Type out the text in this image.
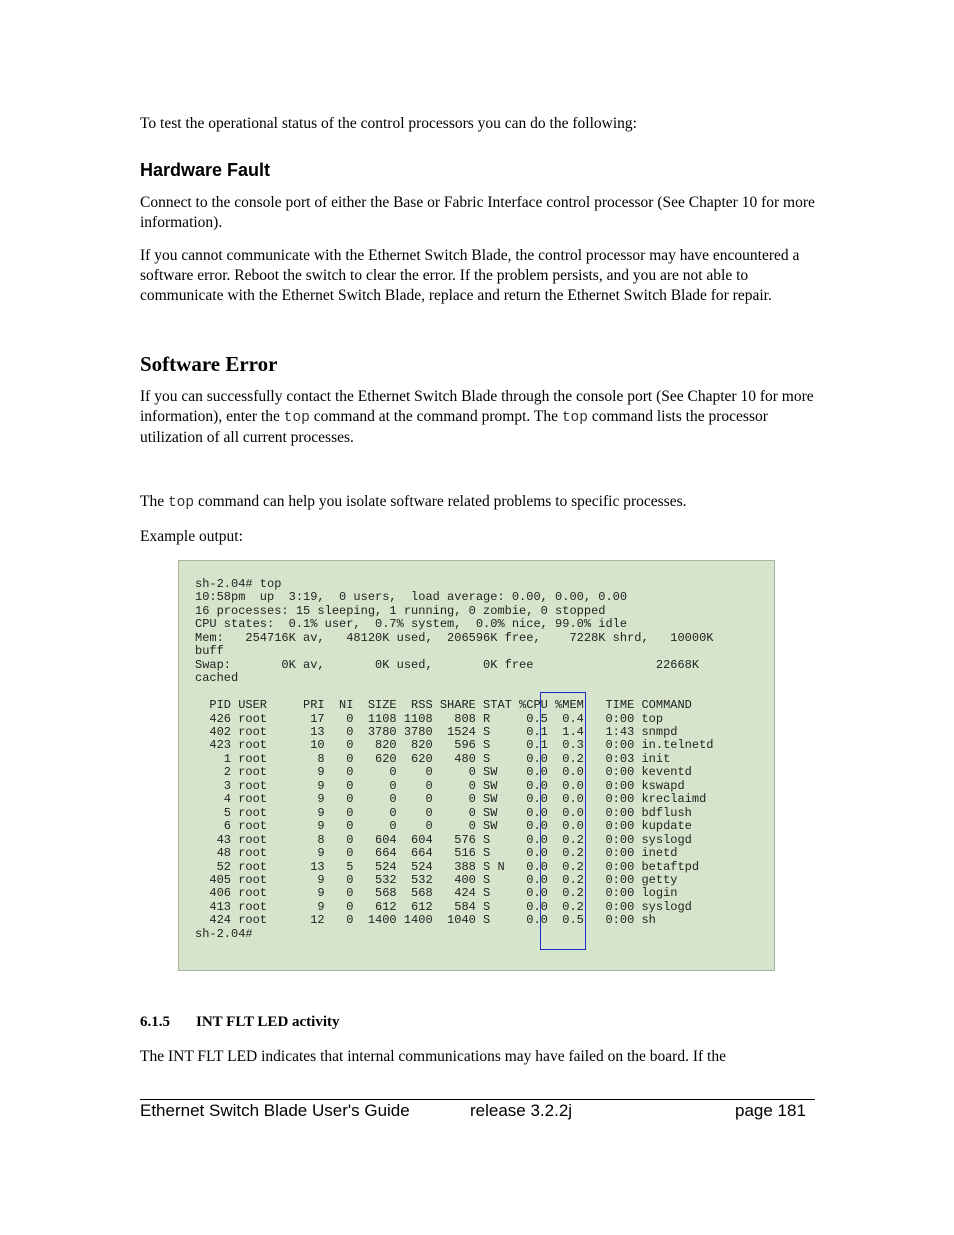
To test the operational status of the control processors you can do the following:

Hardware Fault

Connect to the console port of either the Base or Fabric Interface control processor (See Chapter 10 for more information).

If you cannot communicate with the Ethernet Switch Blade, the control processor may have encountered a software error. Reboot the switch to clear the error. If the problem persists, and you are not able to communicate with the Ethernet Switch Blade, replace and return the Ethernet Switch Blade for repair.

Software Error

If you can successfully contact the Ethernet Switch Blade through the console port (See Chapter 10 for more information), enter the top command at the command prompt. The top command lists the processor utilization of all current processes.

The top command can help you isolate software related problems to specific processes.

Example output:

sh-2.04# top
10:58pm  up  3:19,  0 users,  load average: 0.00, 0.00, 0.00
16 processes: 15 sleeping, 1 running, 0 zombie, 0 stopped
CPU states:  0.1% user,  0.7% system,  0.0% nice, 99.0% idle
Mem:   254716K av,   48120K used,  206596K free,    7228K shrd,   10000K
buff
Swap:       0K av,       0K used,       0K free                 22668K
cached

PID USER     PRI  NI  SIZE  RSS SHARE STAT %CPU %MEM   TIME COMMAND
426 root      17   0  1108 1108   808 R     0.5  0.4   0:00 top
402 root      13   0  3780 3780  1524 S     0.1  1.4   1:43 snmpd
423 root      10   0   820  820   596 S     0.1  0.3   0:00 in.telnetd
1 root       8   0   620  620   480 S     0.0  0.2   0:03 init
2 root       9   0     0    0     0 SW    0.0  0.0   0:00 keventd
3 root       9   0     0    0     0 SW    0.0  0.0   0:00 kswapd
4 root       9   0     0    0     0 SW    0.0  0.0   0:00 kreclaimd
5 root       9   0     0    0     0 SW    0.0  0.0   0:00 bdflush
6 root       9   0     0    0     0 SW    0.0  0.0   0:00 kupdate
43 root       8   0   604  604   576 S     0.0  0.2   0:00 syslogd
48 root       9   0   664  664   516 S     0.0  0.2   0:00 inetd
52 root      13   5   524  524   388 S N   0.0  0.2   0:00 betaftpd
405 root       9   0   532  532   400 S     0.0  0.2   0:00 getty
406 root       9   0   568  568   424 S     0.0  0.2   0:00 login
413 root       9   0   612  612   584 S     0.0  0.2   0:00 syslogd
424 root      12   0  1400 1400  1040 S     0.0  0.5   0:00 sh
sh-2.04#
6.1.5 INT FLT LED activity

The INT FLT LED indicates that internal communications may have failed on the board. If the

Ethernet Switch Blade User's Guide	release 3.2.2j	page 181
